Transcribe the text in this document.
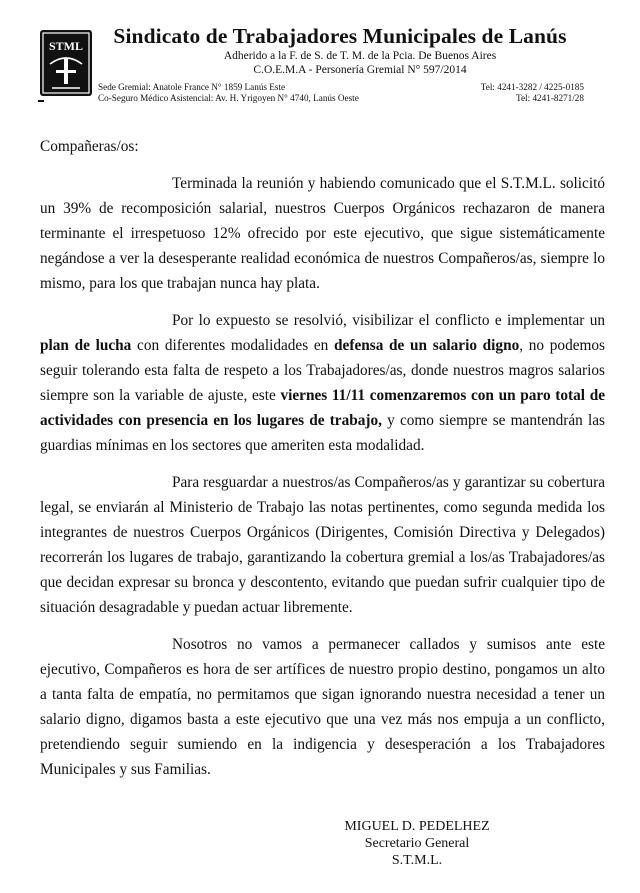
STML	Sindicato de Trabajadores Municipales de Lanús
Adherido a la F. de S. de T. M. de la Pcia. De Buenos Aires
C.O.E.M.A - Personería Gremial N° 597/2014
Sede Gremial: Anatole France N° 1859 Lanús Este	Tel: 4241-3282 / 4225-0185
Co-Seguro Médico Asistencial: Av. H. Yrigoyen N° 4740, Lanús Oeste	Tel: 4241-8271/28

Compañeras/os:

Terminada la reunión y habiendo comunicado que el S.T.M.L. solicitó un 39% de recomposición salarial, nuestros Cuerpos Orgánicos rechazaron de manera terminante el irrespetuoso 12% ofrecido por este ejecutivo, que sigue sistemáticamente negándose a ver la desesperante realidad económica de nuestros Compañeros/as, siempre lo mismo, para los que trabajan nunca hay plata.

Por lo expuesto se resolvió, visibilizar el conflicto e implementar un plan de lucha con diferentes modalidades en defensa de un salario digno, no podemos seguir tolerando esta falta de respeto a los Trabajadores/as, donde nuestros magros salarios siempre son la variable de ajuste, este viernes 11/11 comenzaremos con un paro total de actividades con presencia en los lugares de trabajo, y como siempre se mantendrán las guardias mínimas en los sectores que ameriten esta modalidad.

Para resguardar a nuestros/as Compañeros/as y garantizar su cobertura legal, se enviarán al Ministerio de Trabajo las notas pertinentes, como segunda medida los integrantes de nuestros Cuerpos Orgánicos (Dirigentes, Comisión Directiva y Delegados) recorrerán los lugares de trabajo, garantizando la cobertura gremial a los/as Trabajadores/as que decidan expresar su bronca y descontento, evitando que puedan sufrir cualquier tipo de situación desagradable y puedan actuar libremente.

Nosotros no vamos a permanecer callados y sumisos ante este ejecutivo, Compañeros es hora de ser artífices de nuestro propio destino, pongamos un alto a tanta falta de empatía, no permitamos que sigan ignorando nuestra necesidad a tener un salario digno, digamos basta a este ejecutivo que una vez más nos empuja a un conflicto, pretendiendo seguir sumiendo en la indigencia y desesperación a los Trabajadores Municipales y sus Familias.

MIGUEL D. PEDELHEZ
Secretario General
S.T.M.L.
